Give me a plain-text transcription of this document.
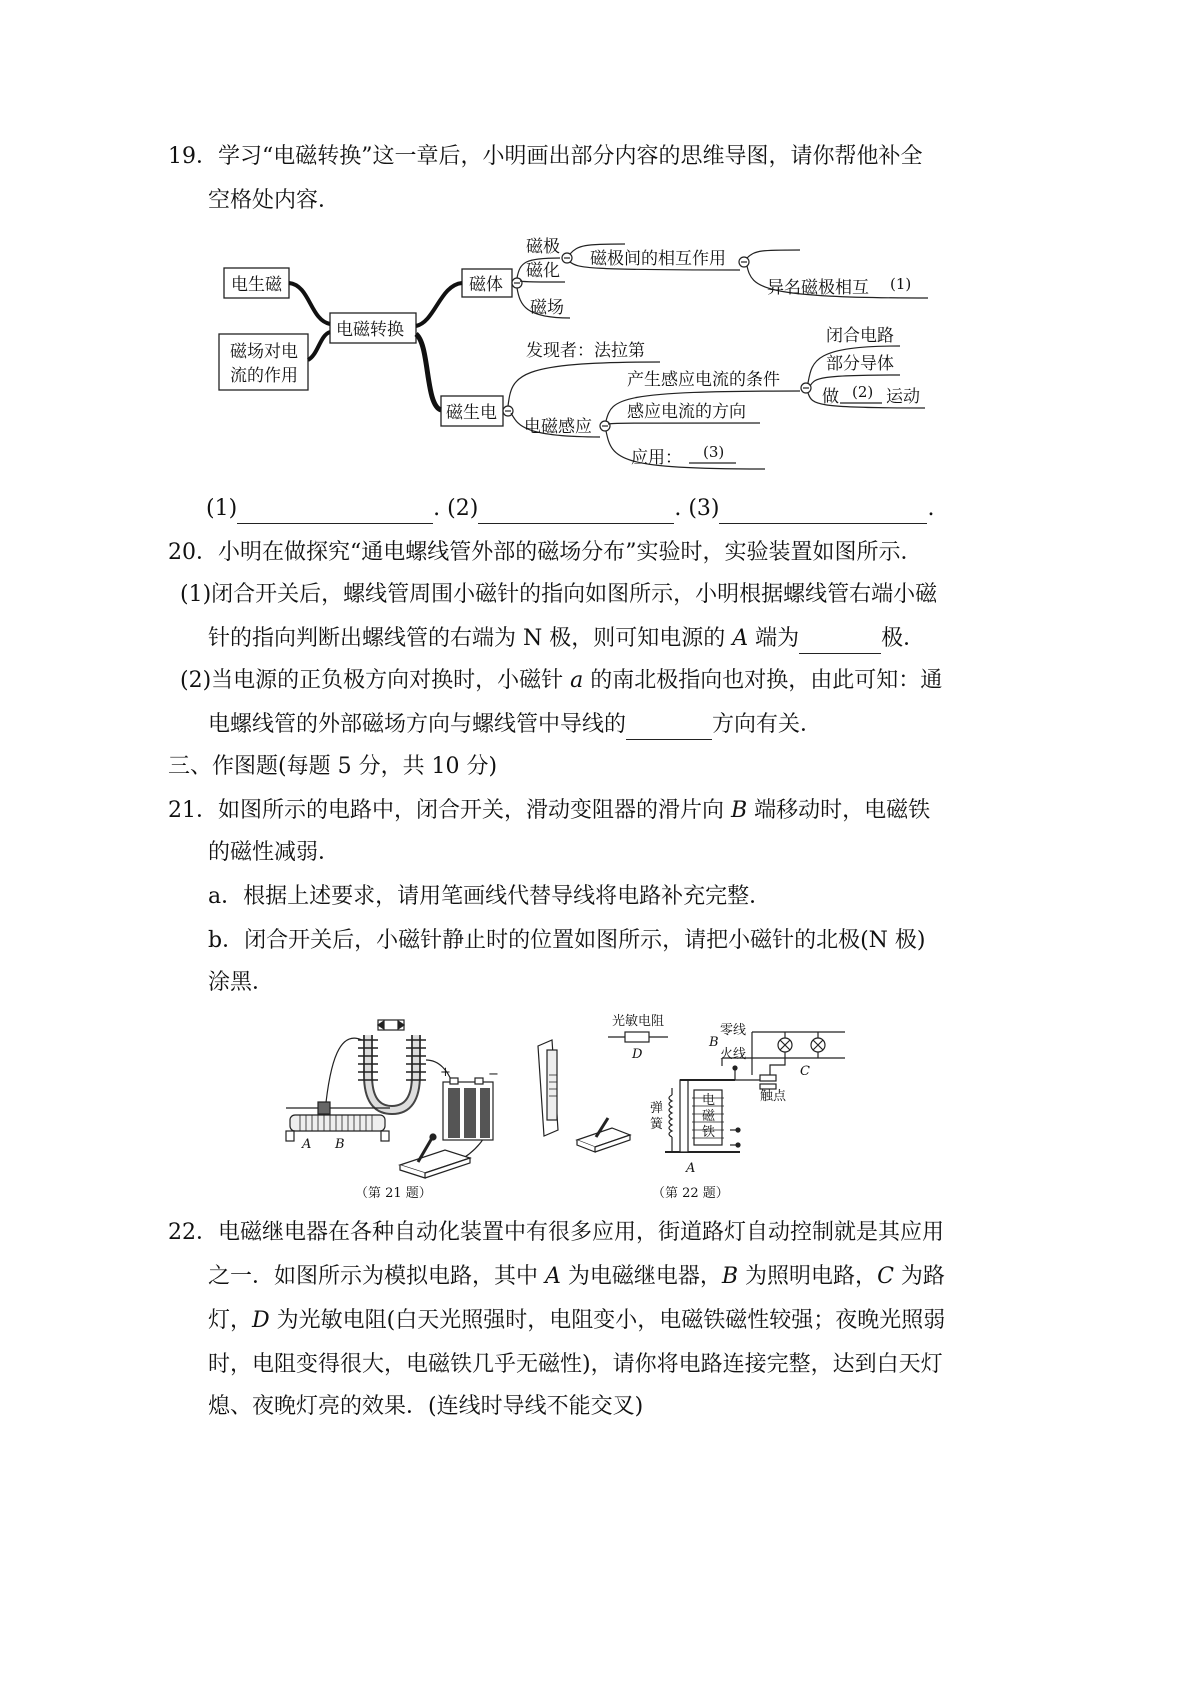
19．学习“电磁转换”这一章后，小明画出部分内容的思维导图，请你帮他补全
空格处内容．
磁极
磁化
磁场
磁极间的相互作用
异名磁极相互 (1)
发现者：法拉第
电磁感应
产生感应电流的条件
感应电流的方向
应用： (3)
闭合电路
部分导体
做 (2) 运动
电生磁
磁场对电
流的作用
电磁转换
磁体
磁生电
(1)	. (2)	. (3)	.
20．小明在做探究“通电螺线管外部的磁场分布”实验时，实验装置如图所示．
(1)闭合开关后，螺线管周围小磁针的指向如图所示，小明根据螺线管右端小磁
针的指向判断出螺线管的右端为 N 极，则可知电源的 A 端为	极．
(2)当电源的正负极方向对换时，小磁针 a 的南北极指向也对换，由此可知：通
电螺线管的外部磁场方向与螺线管中导线的	方向有关．
三、作图题(每题 5 分，共 10 分)
21．如图所示的电路中，闭合开关，滑动变阻器的滑片向 B 端移动时，电磁铁
的磁性减弱．
a．根据上述要求，请用笔画线代替导线将电路补充完整．
b．闭合开关后，小磁针静止时的位置如图所示，请把小磁针的北极(N 极)
涂黑．
A B
+	−
光敏电阻
D
零线
火线
B
C
触点
弹
簧
电
磁
铁
A
（第 21 题）	（第 22 题）
22．电磁继电器在各种自动化装置中有很多应用，街道路灯自动控制就是其应用
之一．如图所示为模拟电路，其中 A 为电磁继电器，B 为照明电路，C 为路
灯，D 为光敏电阻(白天光照强时，电阻变小，电磁铁磁性较强；夜晚光照弱
时，电阻变得很大，电磁铁几乎无磁性)，请你将电路连接完整，达到白天灯
熄、夜晚灯亮的效果．(连线时导线不能交叉)
